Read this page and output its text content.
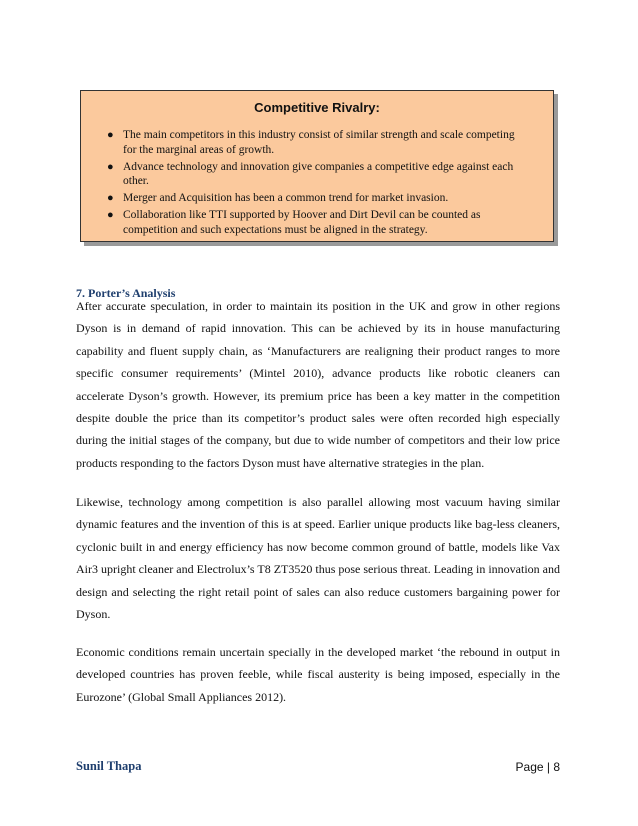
Competitive Rivalry:
● The main competitors in this industry consist of similar strength and scale competing for the marginal areas of growth.
● Advance technology and innovation give companies a competitive edge against each other.
● Merger and Acquisition has been a common trend for market invasion.
● Collaboration like TTI supported by Hoover and Dirt Devil can be counted as competition and such expectations must be aligned in the strategy.
7. Porter’s Analysis

After accurate speculation, in order to maintain its position in the UK and grow in other regions Dyson is in demand of rapid innovation. This can be achieved by its in house manufacturing capability and fluent supply chain, as ‘Manufacturers are realigning their product ranges to more specific consumer requirements’ (Mintel 2010), advance products like robotic cleaners can accelerate Dyson’s growth. However, its premium price has been a key matter in the competition despite double the price than its competitor’s product sales were often recorded high especially during the initial stages of the company, but due to wide number of competitors and their low price products responding to the factors Dyson must have alternative strategies in the plan.

Likewise, technology among competition is also parallel allowing most vacuum having similar dynamic features and the invention of this is at speed. Earlier unique products like bag-less cleaners, cyclonic built in and energy efficiency has now become common ground of battle, models like Vax Air3 upright cleaner and Electrolux’s T8 ZT3520 thus pose serious threat. Leading in innovation and design and selecting the right retail point of sales can also reduce customers bargaining power for Dyson.

Economic conditions remain uncertain specially in the developed market ‘the rebound in output in developed countries has proven feeble, while fiscal austerity is being imposed, especially in the Eurozone’ (Global Small Appliances 2012).

Sunil Thapa	Page | 8
